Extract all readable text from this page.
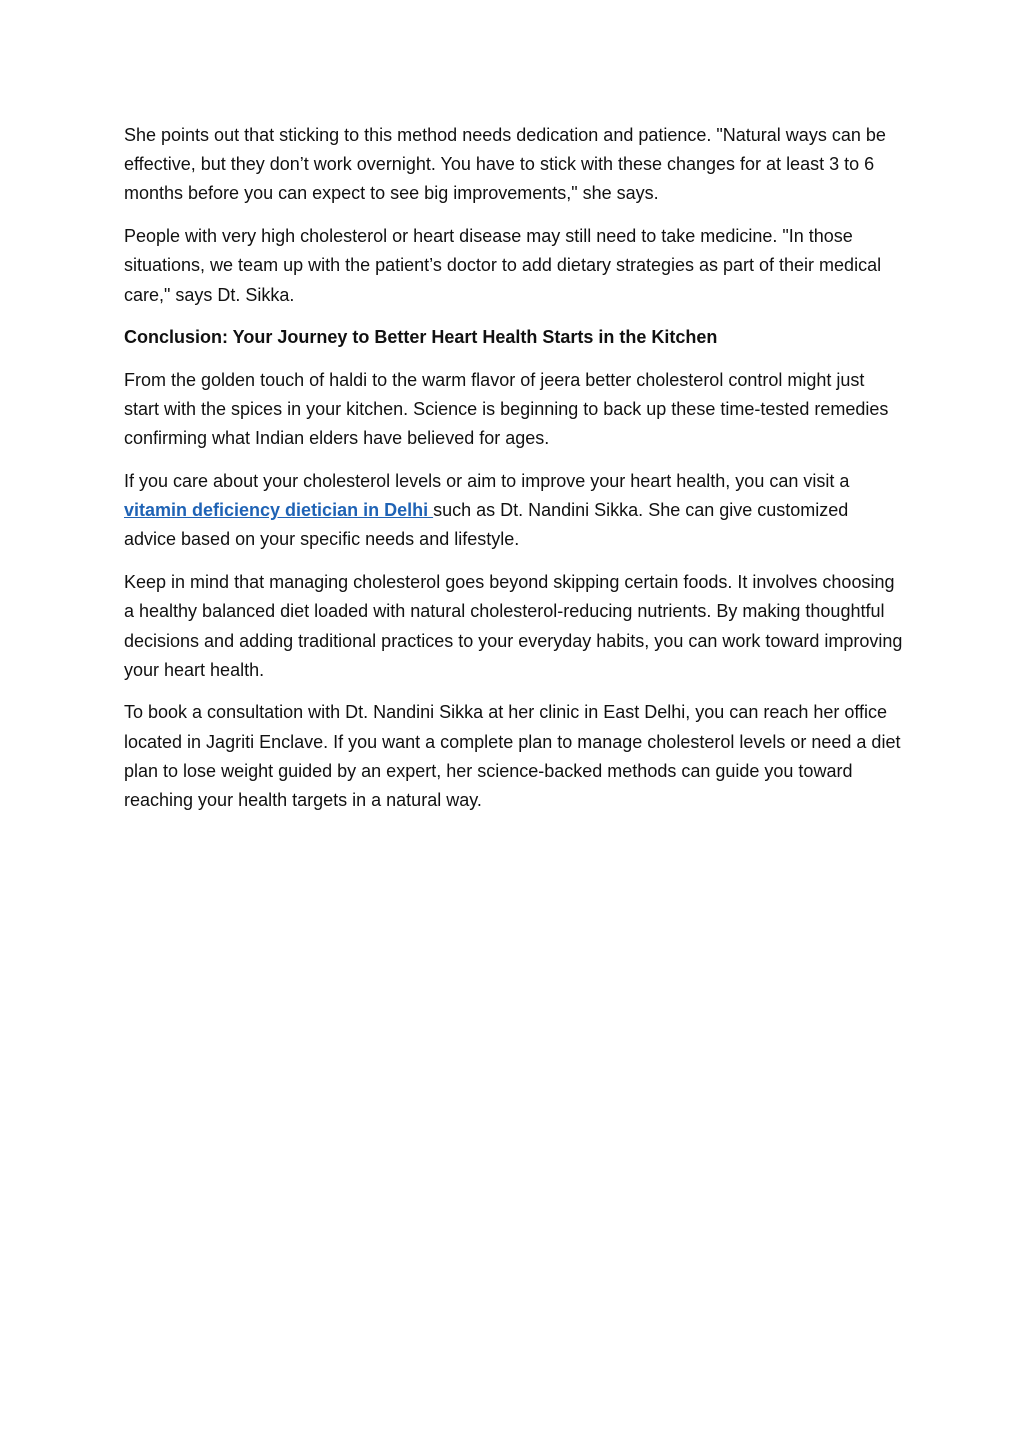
She points out that sticking to this method needs dedication and patience. "Natural ways can be effective, but they don’t work overnight. You have to stick with these changes for at least 3 to 6 months before you can expect to see big improvements," she says.

People with very high cholesterol or heart disease may still need to take medicine. "In those situations, we team up with the patient’s doctor to add dietary strategies as part of their medical care," says Dt. Sikka.

Conclusion: Your Journey to Better Heart Health Starts in the Kitchen

From the golden touch of haldi to the warm flavor of jeera better cholesterol control might just start with the spices in your kitchen. Science is beginning to back up these time-tested remedies confirming what Indian elders have believed for ages.

If you care about your cholesterol levels or aim to improve your heart health, you can visit a vitamin deficiency dietician in Delhi such as Dt. Nandini Sikka. She can give customized advice based on your specific needs and lifestyle.

Keep in mind that managing cholesterol goes beyond skipping certain foods. It involves choosing a healthy balanced diet loaded with natural cholesterol-reducing nutrients. By making thoughtful decisions and adding traditional practices to your everyday habits, you can work toward improving your heart health.

To book a consultation with Dt. Nandini Sikka at her clinic in East Delhi, you can reach her office located in Jagriti Enclave. If you want a complete plan to manage cholesterol levels or need a diet plan to lose weight guided by an expert, her science-backed methods can guide you toward reaching your health targets in a natural way.
